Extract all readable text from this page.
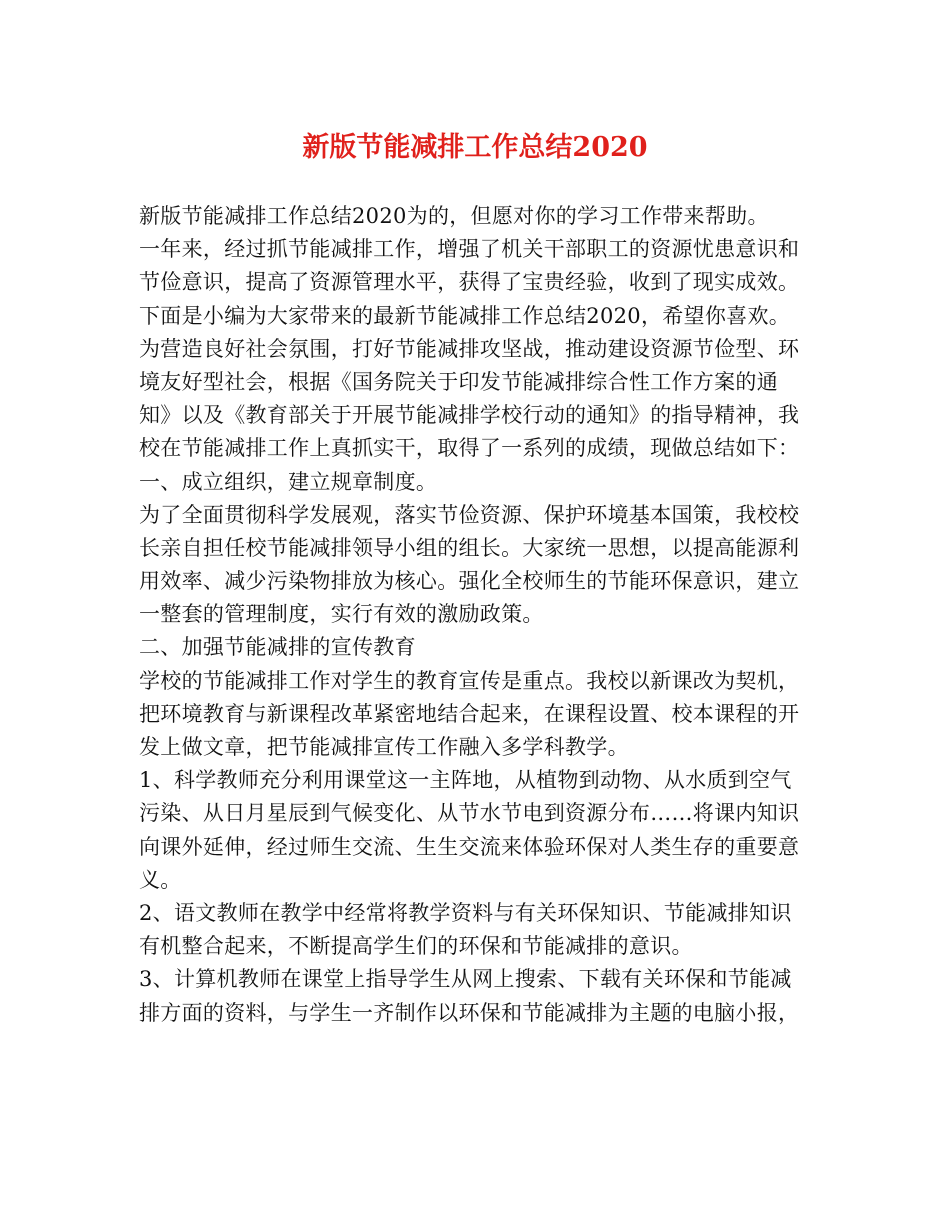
新版节能减排工作总结2020
新版节能减排工作总结2020为的，但愿对你的学习工作带来帮助。
一年来，经过抓节能减排工作，增强了机关干部职工的资源忧患意识和
节俭意识，提高了资源管理水平，获得了宝贵经验，收到了现实成效。
下面是小编为大家带来的最新节能减排工作总结2020，希望你喜欢。
为营造良好社会氛围，打好节能减排攻坚战，推动建设资源节俭型、环
境友好型社会，根据《国务院关于印发节能减排综合性工作方案的通
知》以及《教育部关于开展节能减排学校行动的通知》的指导精神，我
校在节能减排工作上真抓实干，取得了一系列的成绩，现做总结如下：
一、成立组织，建立规章制度。
为了全面贯彻科学发展观，落实节俭资源、保护环境基本国策，我校校
长亲自担任校节能减排领导小组的组长。大家统一思想，以提高能源利
用效率、减少污染物排放为核心。强化全校师生的节能环保意识，建立
一整套的管理制度，实行有效的激励政策。
二、加强节能减排的宣传教育
学校的节能减排工作对学生的教育宣传是重点。我校以新课改为契机，
把环境教育与新课程改革紧密地结合起来，在课程设置、校本课程的开
发上做文章，把节能减排宣传工作融入多学科教学。
1、科学教师充分利用课堂这一主阵地，从植物到动物、从水质到空气
污染、从日月星辰到气候变化、从节水节电到资源分布……将课内知识
向课外延伸，经过师生交流、生生交流来体验环保对人类生存的重要意
义。
2、语文教师在教学中经常将教学资料与有关环保知识、节能减排知识
有机整合起来，不断提高学生们的环保和节能减排的意识。
3、计算机教师在课堂上指导学生从网上搜索、下载有关环保和节能减
排方面的资料，与学生一齐制作以环保和节能减排为主题的电脑小报，
